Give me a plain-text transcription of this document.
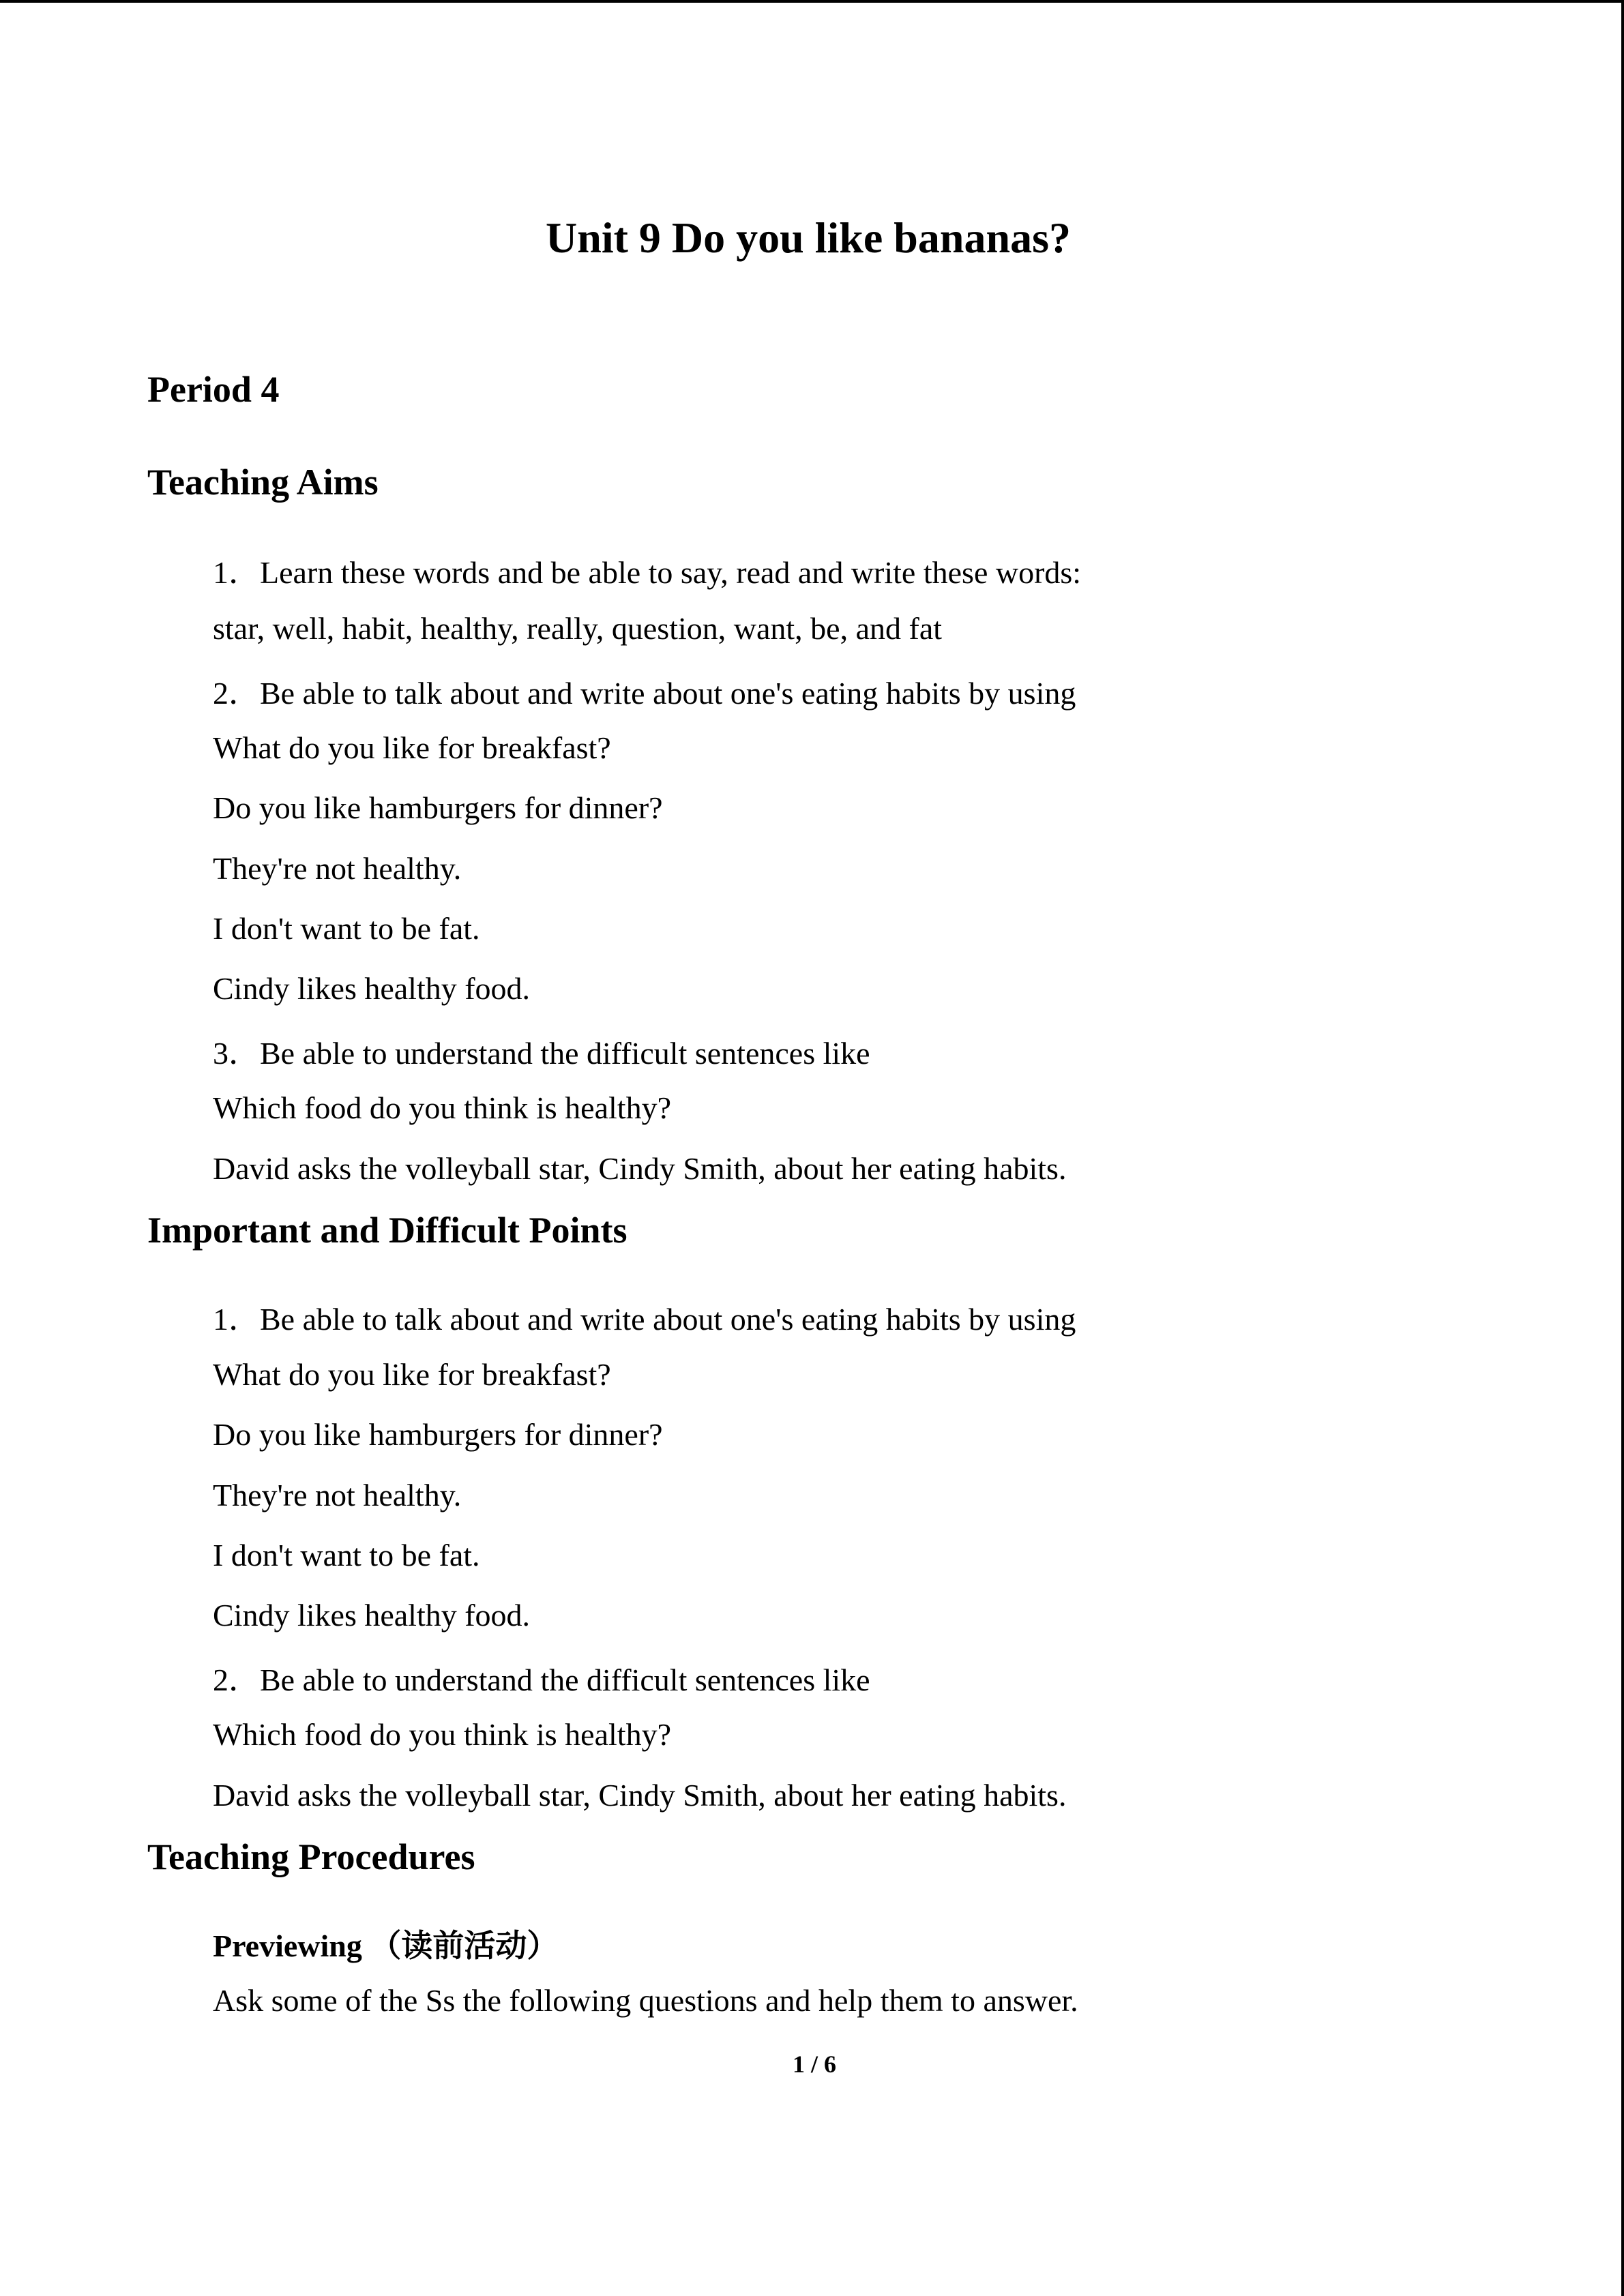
Unit 9 Do you like bananas?
Period 4
Teaching Aims

1．Learn these words and be able to say, read and write these words:

star, well, habit, healthy, really, question, want, be, and fat

2．Be able to talk about and write about one's eating habits by using

What do you like for breakfast?

Do you like hamburgers for dinner?

They're not healthy.

I don't want to be fat.

Cindy likes healthy food.

3．Be able to understand the difficult sentences like

Which food do you think is healthy?

David asks the volleyball star, Cindy Smith, about her eating habits.

Important and Difficult Points

1．Be able to talk about and write about one's eating habits by using

What do you like for breakfast?

Do you like hamburgers for dinner?

They're not healthy.

I don't want to be fat.

Cindy likes healthy food.

2．Be able to understand the difficult sentences like

Which food do you think is healthy?

David asks the volleyball star, Cindy Smith, about her eating habits.

Teaching Procedures
Previewing （读前活动）

Ask some of the Ss the following questions and help them to answer.

1 / 6
